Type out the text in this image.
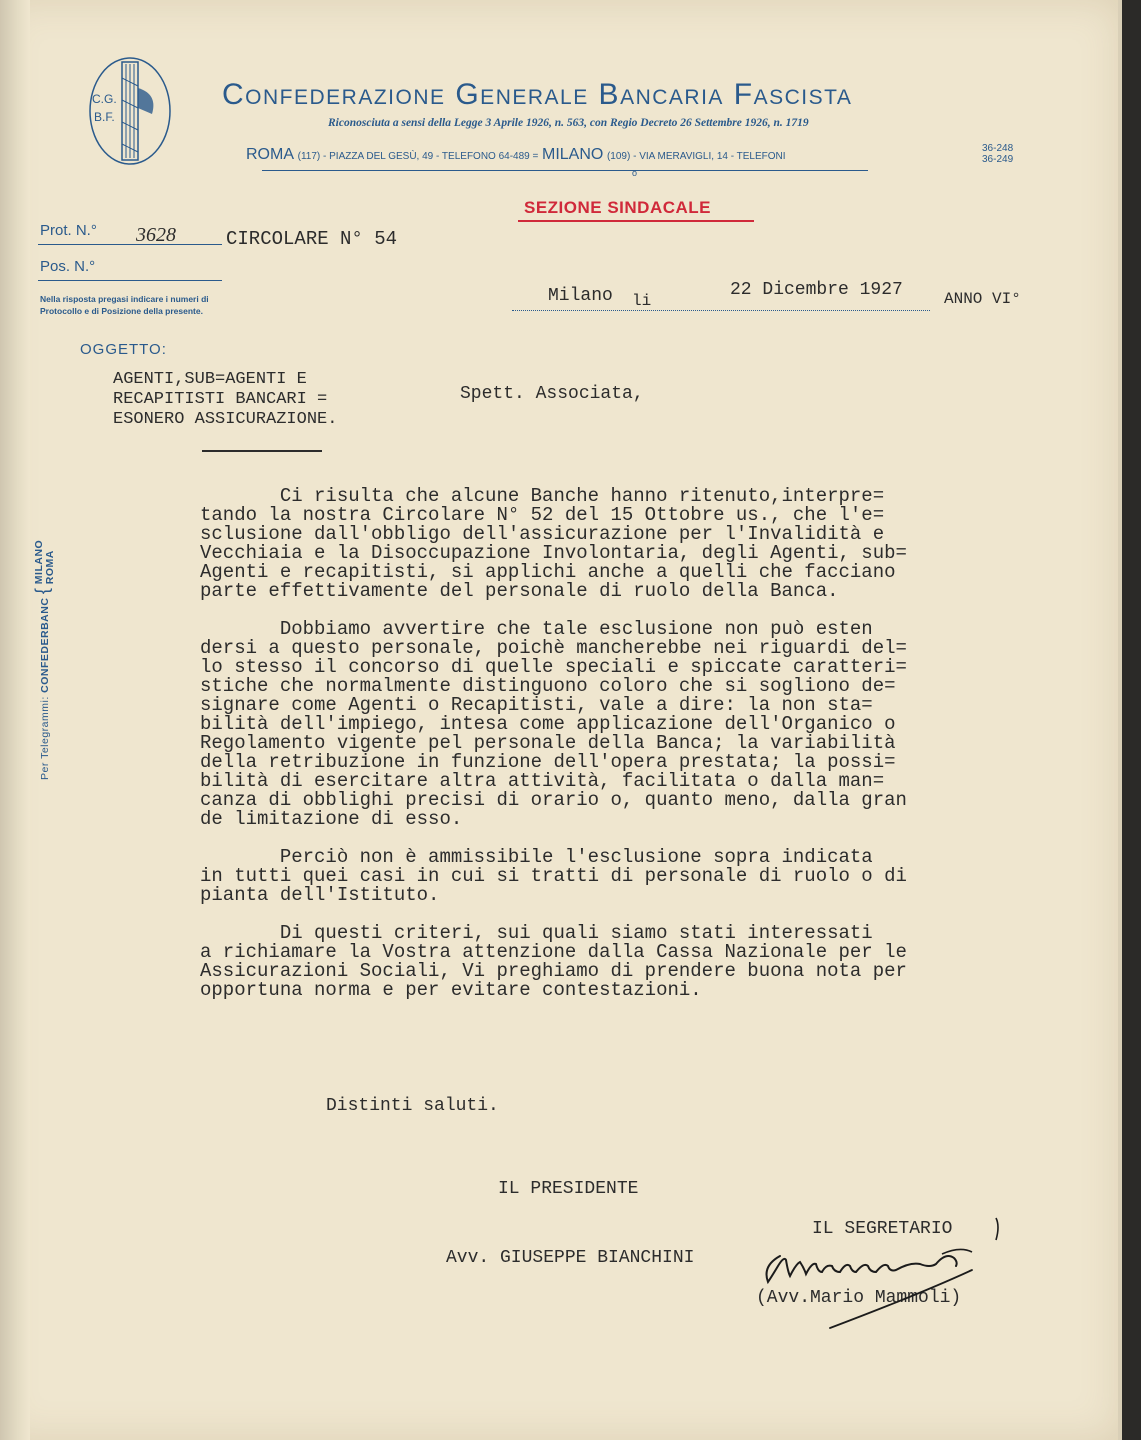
C.G.
B.F.
Confederazione Generale Bancaria Fascista
Riconosciuta a sensi della Legge 3 Aprile 1926, n. 563, con Regio Decreto 26 Settembre 1926, n. 1719
ROMA (117) - PIAZZA DEL GESÙ, 49 - TELEFONO 64-489 = MILANO (109) - VIA MERAVIGLI, 14 - TELEFONI
36-248
36-249
o
SEZIONE SINDACALE
Prot. N.° 3628	CIRCOLARE N° 54
Pos. N.°
Nella risposta pregasi indicare i numeri di
Protocollo e di Posizione della presente.
Milano li
22 Dicembre 1927	ANNO VI°
OGGETTO:
AGENTI,SUB=AGENTI E
RECAPITISTI BANCARI =
ESONERO ASSICURAZIONE.
Spett. Associata,
Per Telegrammi: CONFEDERBANC {
MILANO ROMA

Ci risulta che alcune Banche hanno ritenuto,interpre=
tando la nostra Circolare N° 52 del 15 Ottobre us., che l'e=
sclusione dall'obbligo dell'assicurazione per l'Invalidità e
Vecchiaia e la Disoccupazione Involontaria, degli Agenti, sub=
Agenti e recapitisti, si applichi anche a quelli che facciano
parte effettivamente del personale di ruolo della Banca.

Dobbiamo avvertire che tale esclusione non può esten
dersi a questo personale, poichè mancherebbe nei riguardi del=
lo stesso il concorso di quelle speciali e spiccate caratteri=
stiche che normalmente distinguono coloro che si sogliono de=
signare come Agenti o Recapitisti, vale a dire: la non sta=
bilità dell'impiego, intesa come applicazione dell'Organico o
Regolamento vigente pel personale della Banca; la variabilità
della retribuzione in funzione dell'opera prestata; la possi=
bilità di esercitare altra attività, facilitata o dalla man=
canza di obblighi precisi di orario o, quanto meno, dalla gran
de limitazione di esso.

Perciò non è ammissibile l'esclusione sopra indicata
in tutti quei casi in cui si tratti di personale di ruolo o di
pianta dell'Istituto.

Di questi criteri, sui quali siamo stati interessati
a richiamare la Vostra attenzione dalla Cassa Nazionale per le
Assicurazioni Sociali, Vi preghiamo di prendere buona nota per
opportuna norma e per evitare contestazioni.

Distinti saluti.

IL PRESIDENTE

Avv. GIUSEPPE BIANCHINI

IL SEGRETARIO

(Avv.Mario Mammoli)
